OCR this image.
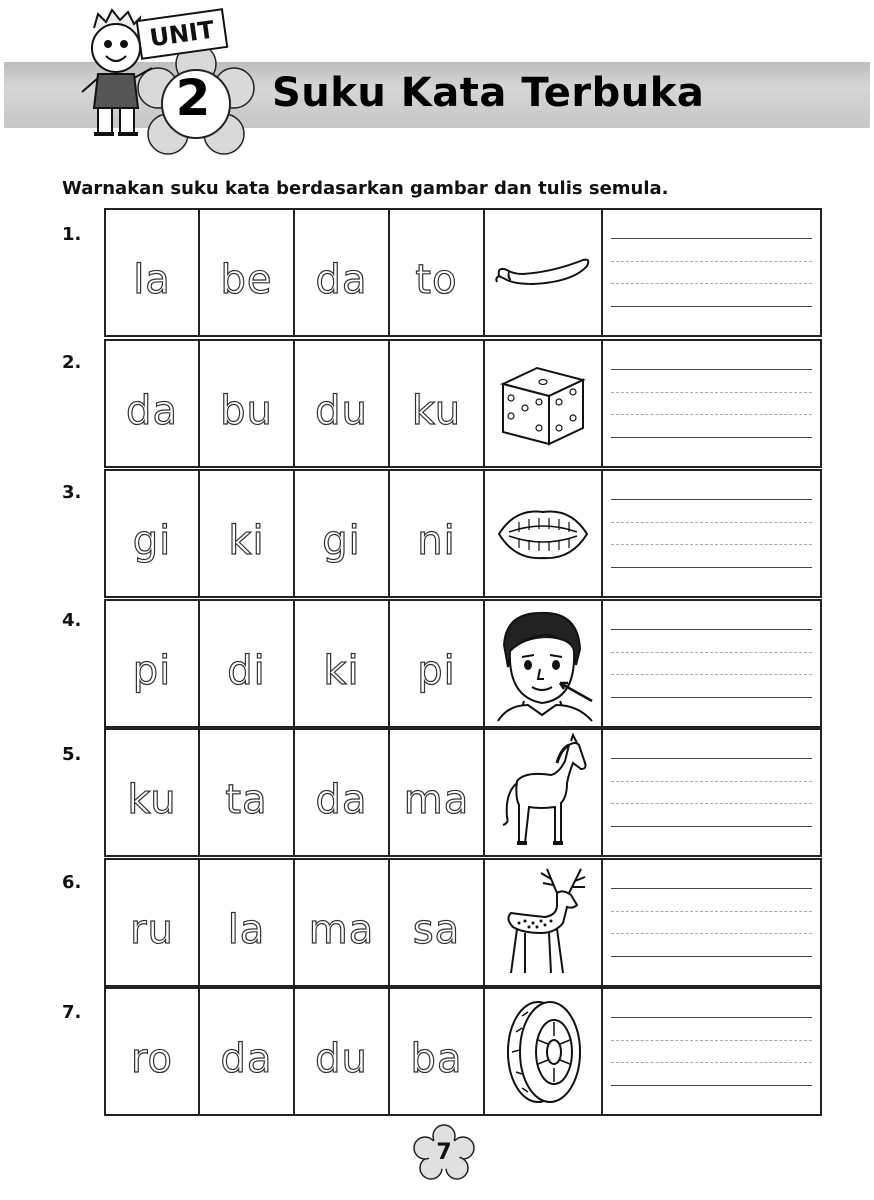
2
UNIT
Suku Kata Terbuka
Warnakan suku kata berdasarkan gambar dan tulis semula.
1.
2.
3.
4.
5.
6.
7.
la be da to
da bu du ku
gi ki gi ni
pi di ki pi
ku ta da ma
ru la ma sa
ro da du ba
7
